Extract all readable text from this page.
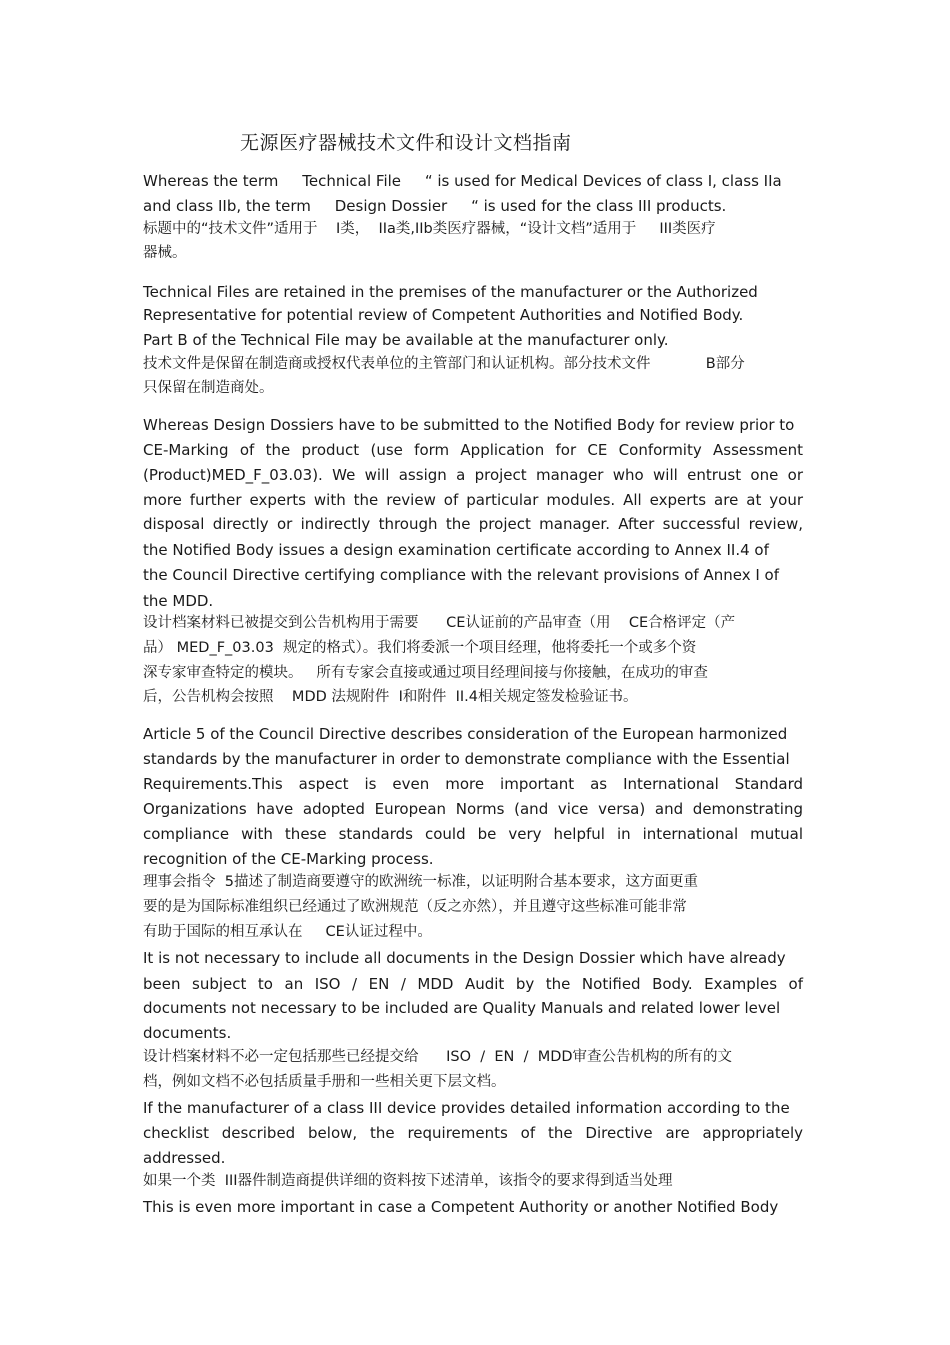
无源医疗器械技术文件和设计文档指南
Whereas the term     Technical File     “ is used for Medical Devices of class I, class IIa
and class IIb, the term     Design Dossier     “ is used for the class III products.
标题中的“技术文件”适用于    I类，  IIa类,IIb类医疗器械，“设计文档”适用于     III类医疗
器械。
Technical Files are retained in the premises of the manufacturer or the Authorized
Representative for potential review of Competent Authorities and Notified Body.
Part B of the Technical File may be available at the manufacturer only.
技术文件是保留在制造商或授权代表单位的主管部门和认证机构。部分技术文件            B部分
只保留在制造商处。
Whereas Design Dossiers have to be submitted to the Notified Body for review prior to
CE-Marking of the product (use form Application for CE Conformity Assessment
(Product)MED_F_03.03). We will assign a project manager who will entrust one or
more further experts with the review of particular modules. All experts are at your
disposal directly or indirectly through the project manager. After successful review,
the Notified Body issues a design examination certificate according to Annex II.4 of
the Council Directive certifying compliance with the relevant provisions of Annex I of
the MDD.
设计档案材料已被提交到公告机构用于需要      CE认证前的产品审查（用    CE合格评定（产
品） MED_F_03.03  规定的格式）。我们将委派一个项目经理，他将委托一个或多个资
深专家审查特定的模块。   所有专家会直接或通过项目经理间接与你接触，在成功的审查
后，公告机构会按照    MDD 法规附件  I和附件  II.4相关规定签发检验证书。
Article 5 of the Council Directive describes consideration of the European harmonized
standards by the manufacturer in order to demonstrate compliance with the Essential
Requirements.This aspect is even more important as International Standard
Organizations have adopted European Norms (and vice versa) and demonstrating
compliance with these standards could be very helpful in international mutual
recognition of the CE-Marking process.
理事会指令  5描述了制造商要遵守的欧洲统一标准，以证明附合基本要求，这方面更重
要的是为国际标准组织已经通过了欧洲规范（反之亦然），并且遵守这些标准可能非常
有助于国际的相互承认在     CE认证过程中。
It is not necessary to include all documents in the Design Dossier which have already
been subject to an ISO / EN / MDD Audit by the Notified Body. Examples of
documents not necessary to be included are Quality Manuals and related lower level
documents.
设计档案材料不必一定包括那些已经提交给      ISO  /  EN  /  MDD审查公告机构的所有的文
档，例如文档不必包括质量手册和一些相关更下层文档。
If the manufacturer of a class III device provides detailed information according to the
checklist described below, the requirements of the Directive are appropriately
addressed.
如果一个类  III器件制造商提供详细的资料按下述清单，该指令的要求得到适当处理
This is even more important in case a Competent Authority or another Notified Body
